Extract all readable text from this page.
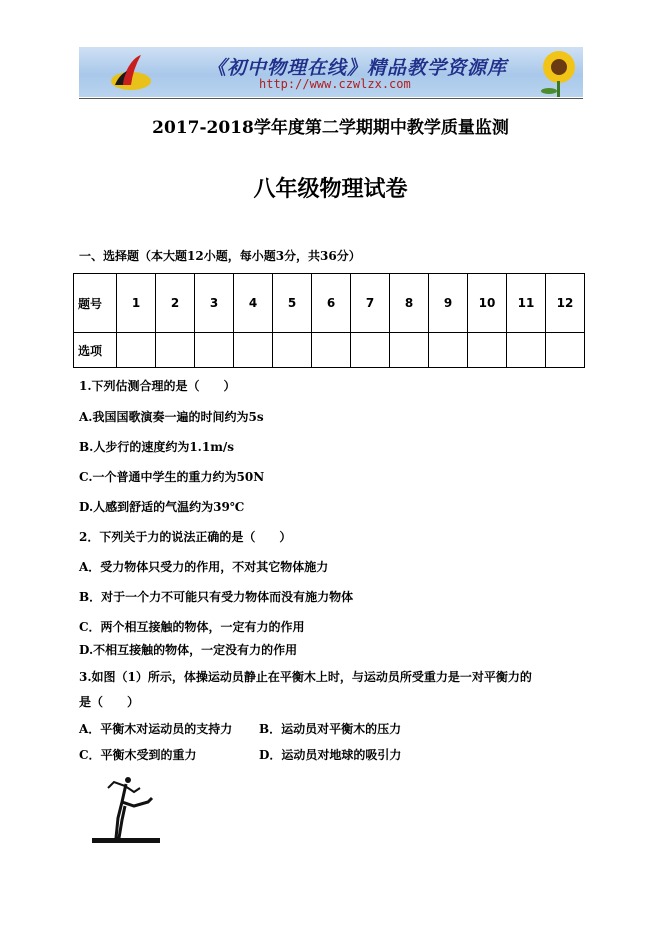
《初中物理在线》精品教学资源库
http://www.czwlzx.com
2017-2018学年度第二学期期中教学质量监测
八年级物理试卷
一、选择题（本大题12小题，每小题3分，共36分）
题号	1	2	3	4	5	6	7	8	9	10	11	12
选项												
1.下列估测合理的是（　　）
A.我国国歌演奏一遍的时间约为5s
B.人步行的速度约为1.1m/s
C.一个普通中学生的重力约为50N
D.人感到舒适的气温约为39℃
2．下列关于力的说法正确的是（　　）
A．受力物体只受力的作用，不对其它物体施力
B．对于一个力不可能只有受力物体而没有施力物体
C．两个相互接触的物体，一定有力的作用
D.不相互接触的物体，一定没有力的作用
3.如图（1）所示，体操运动员静止在平衡木上时，与运动员所受重力是一对平衡力的
是（　　）
A．平衡木对运动员的支持力 B．运动员对平衡木的压力
C．平衡木受到的重力	D．运动员对地球的吸引力
